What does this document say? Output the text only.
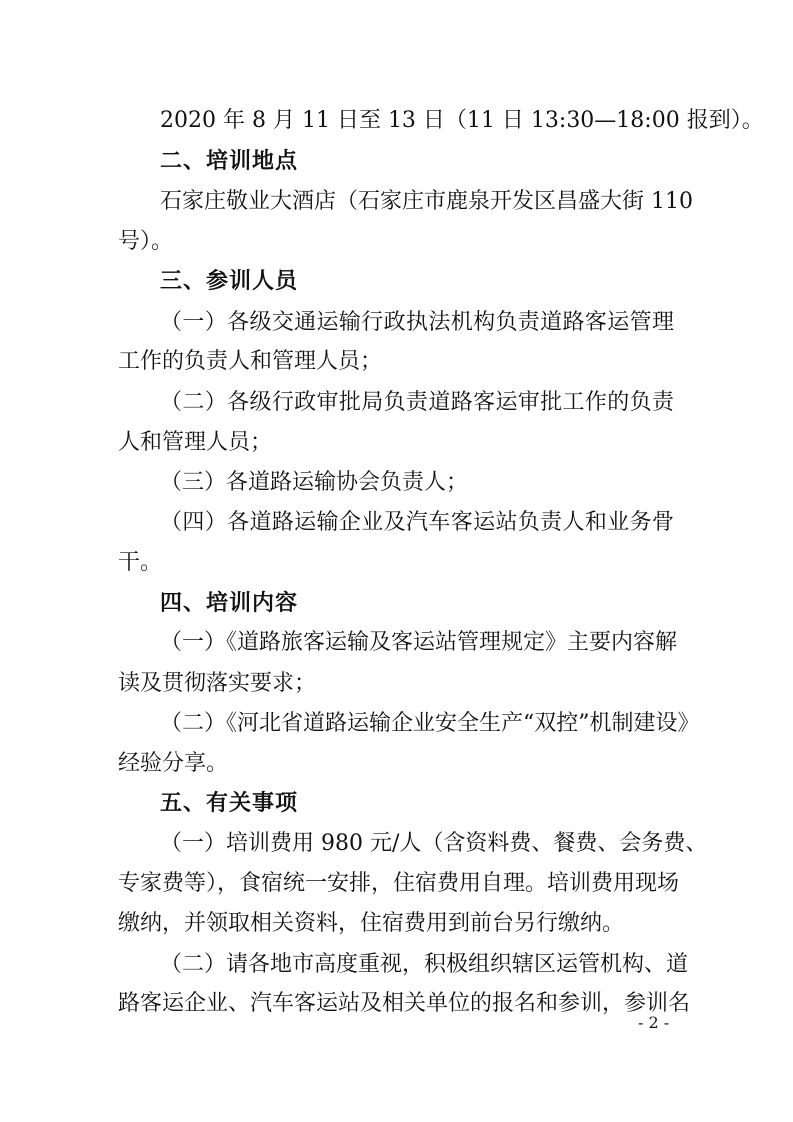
2020 年 8 月 11 日至 13 日（11 日 13:30—18:00 报到）。
二、培训地点
石家庄敬业大酒店（石家庄市鹿泉开发区昌盛大街 110
号）。
三、参训人员
（一）各级交通运输行政执法机构负责道路客运管理
工作的负责人和管理人员；
（二）各级行政审批局负责道路客运审批工作的负责
人和管理人员；
（三）各道路运输协会负责人；
（四）各道路运输企业及汽车客运站负责人和业务骨
干。
四、培训内容
（一）《道路旅客运输及客运站管理规定》主要内容解
读及贯彻落实要求；
（二）《河北省道路运输企业安全生产“双控”机制建设》
经验分享。
五、有关事项
（一）培训费用 980 元/人（含资料费、餐费、会务费、
专家费等），食宿统一安排，住宿费用自理。培训费用现场
缴纳，并领取相关资料，住宿费用到前台另行缴纳。
（二）请各地市高度重视，积极组织辖区运管机构、道
路客运企业、汽车客运站及相关单位的报名和参训，参训名
- 2 -
